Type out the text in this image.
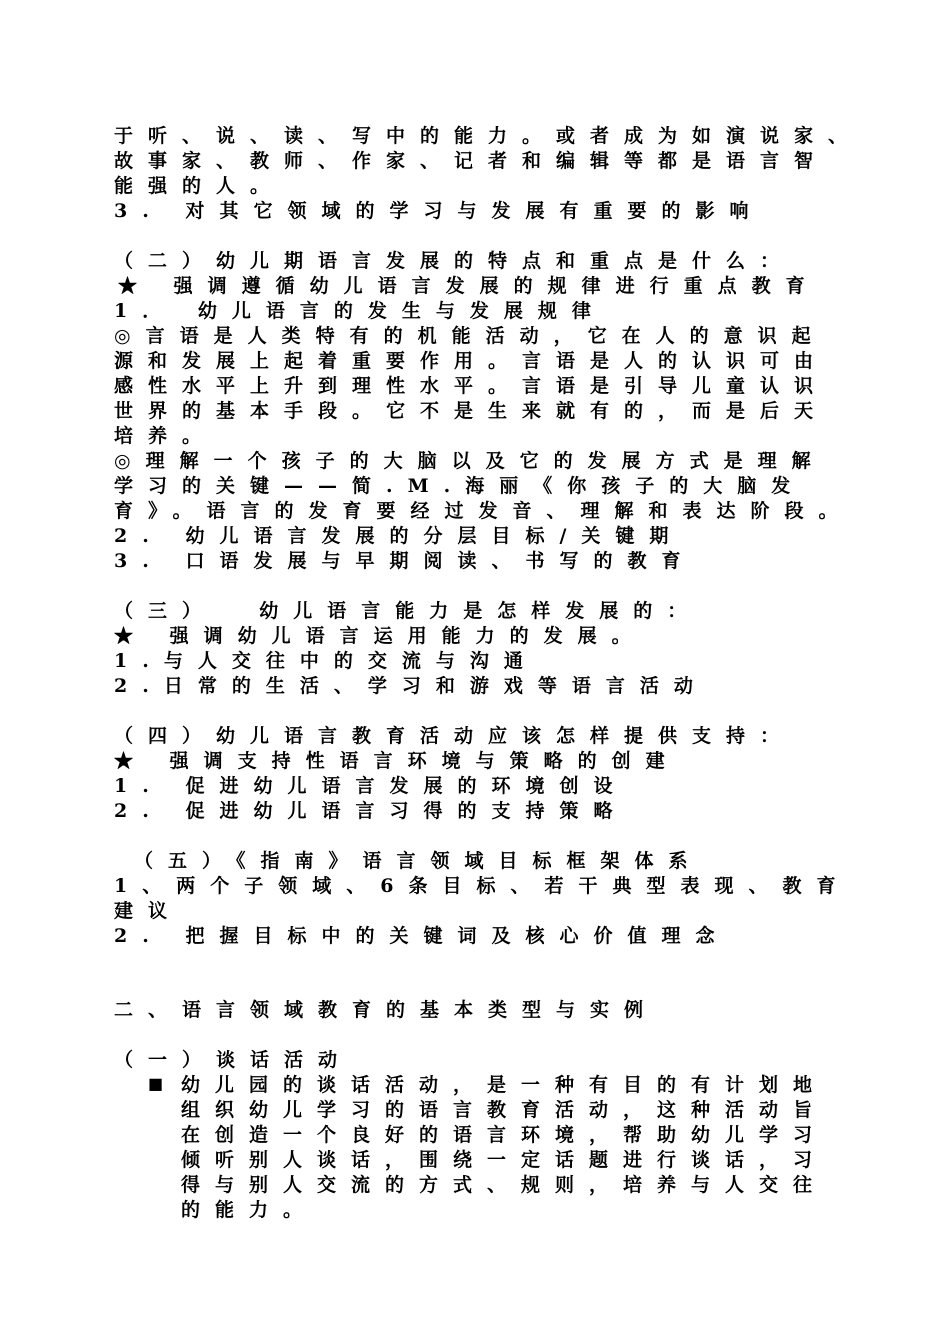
于听、说、读、写中的能力。或者成为如演说家、
故事家、教师、作家、记者和编辑等都是语言智
能强的人。
3. 对其它领域的学习与发展有重要的影响
（二）幼儿期语言发展的特点和重点是什么：
★ 强调遵循幼儿语言发展的规律进行重点教育
1． 幼儿语言的发生与发展规律
◎言语是人类特有的机能活动，它在人的意识起
源和发展上起着重要作用。言语是人的认识可由
感性水平上升到理性水平。言语是引导儿童认识
世界的基本手段。它不是生来就有的，而是后天
培养。
◎理解一个孩子的大脑以及它的发展方式是理解
学习的关键——简.M.海丽《你孩子的大脑发
育》。语言的发育要经过发音、理解和表达阶段。
2. 幼儿语言发展的分层目标/关键期
3. 口语发展与早期阅读、书写的教育
（三）  幼儿语言能力是怎样发展的：
★ 强调幼儿语言运用能力的发展。
1.与人交往中的交流与沟通
2.日常的生活、学习和游戏等语言活动
（四）幼儿语言教育活动应该怎样提供支持：
★ 强调支持性语言环境与策略的创建
1. 促进幼儿语言发展的环境创设
2. 促进幼儿语言习得的支持策略
（五）《指南》语言领域目标框架体系
1、两个子领域、6条目标、若干典型表现、教育
建议
2. 把握目标中的关键词及核心价值理念
二、语言领域教育的基本类型与实例
（一）谈话活动
■ 幼儿园的谈话活动，是一种有目的有计划地
组织幼儿学习的语言教育活动，这种活动旨
在创造一个良好的语言环境，帮助幼儿学习
倾听别人谈话，围绕一定话题进行谈话，习
得与别人交流的方式、规则，培养与人交往
的能力。
